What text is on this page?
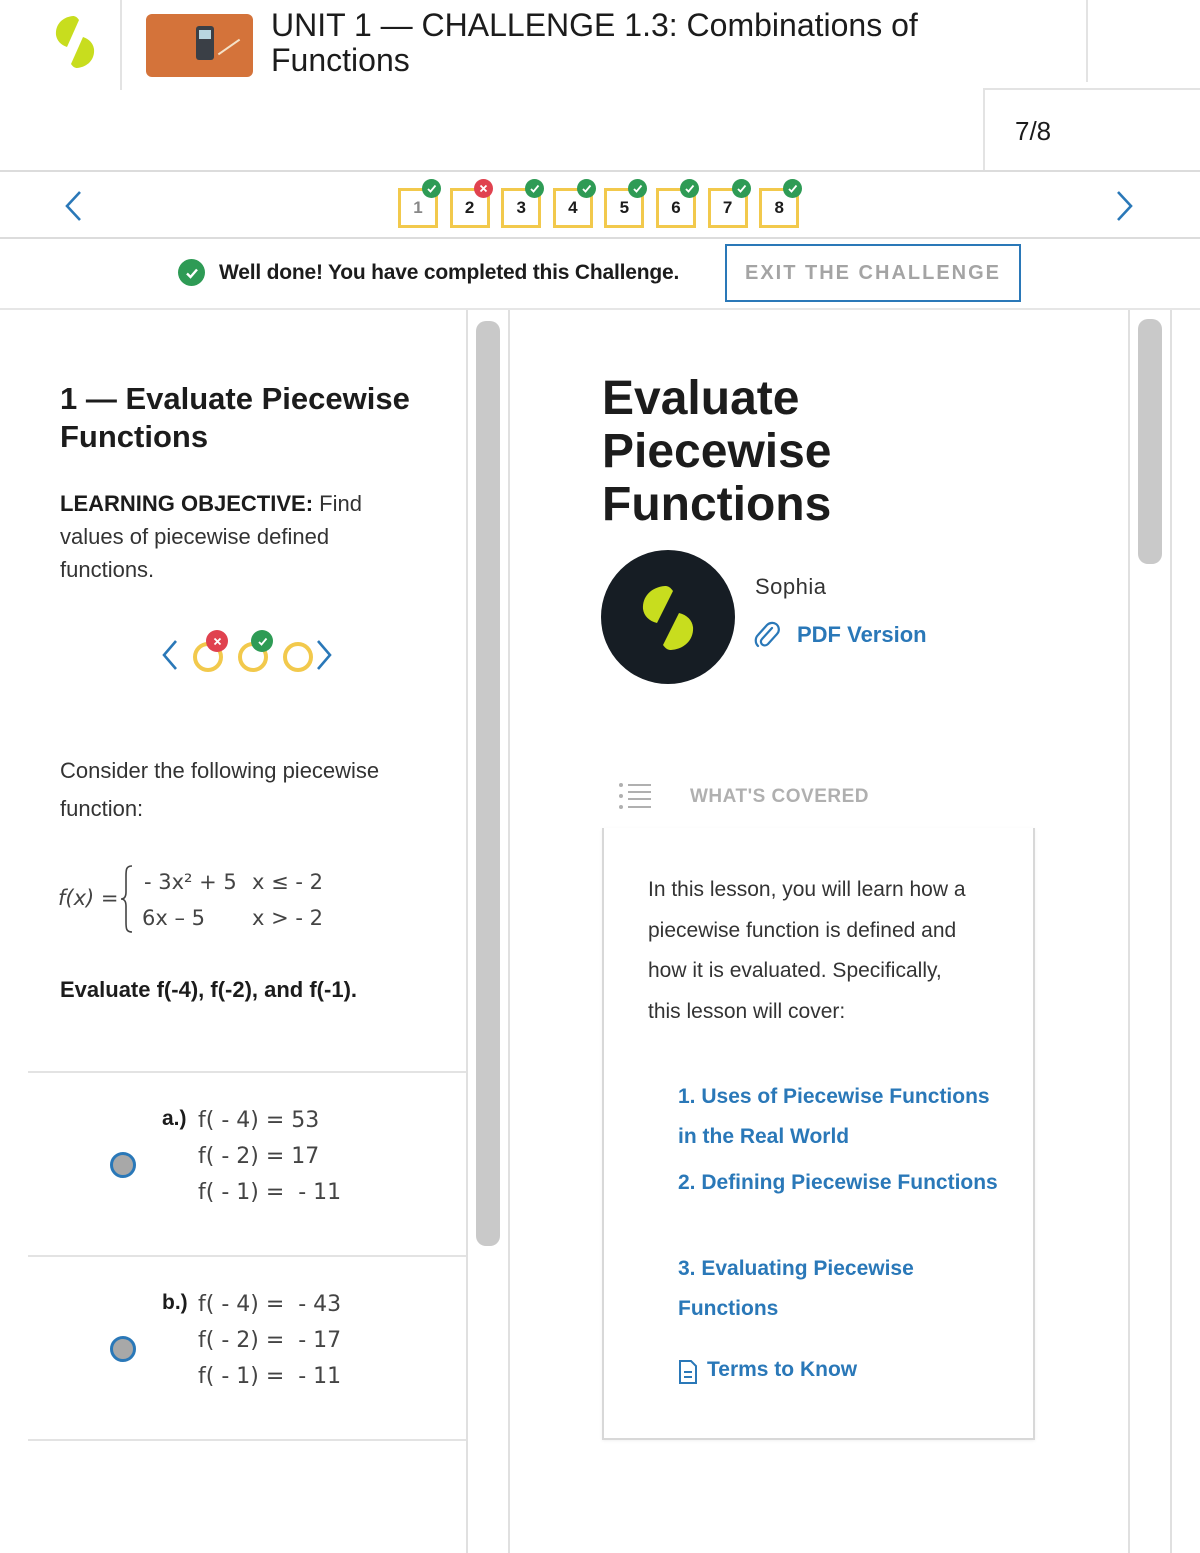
UNIT 1 — CHALLENGE 1.3: Combinations of Functions
7/8
1 2 3 4 5 6 7 8
Well done! You have completed this Challenge.	EXIT THE CHALLENGE
1 — Evaluate Piecewise Functions

LEARNING OBJECTIVE: Find values of piecewise defined functions.

Consider the following piecewise function:

f(x) =
- 3x² + 5 x ≤ - 2
6x – 5 x > - 2

Evaluate f(-4), f(-2), and f(-1).

a.) f( - 4) = 53
f( - 2) = 17
f( - 1) =  - 11
b.) f( - 4) =  - 43
f( - 2) =  - 17
f( - 1) =  - 11
Evaluate Piecewise Functions
Sophia
PDF Version
WHAT'S COVERED

In this lesson, you will learn how a piecewise function is defined and how it is evaluated. Specifically, this lesson will cover:

1. Uses of Piecewise Functions in the Real World
2. Defining Piecewise Functions
3. Evaluating Piecewise Functions
Terms to Know
